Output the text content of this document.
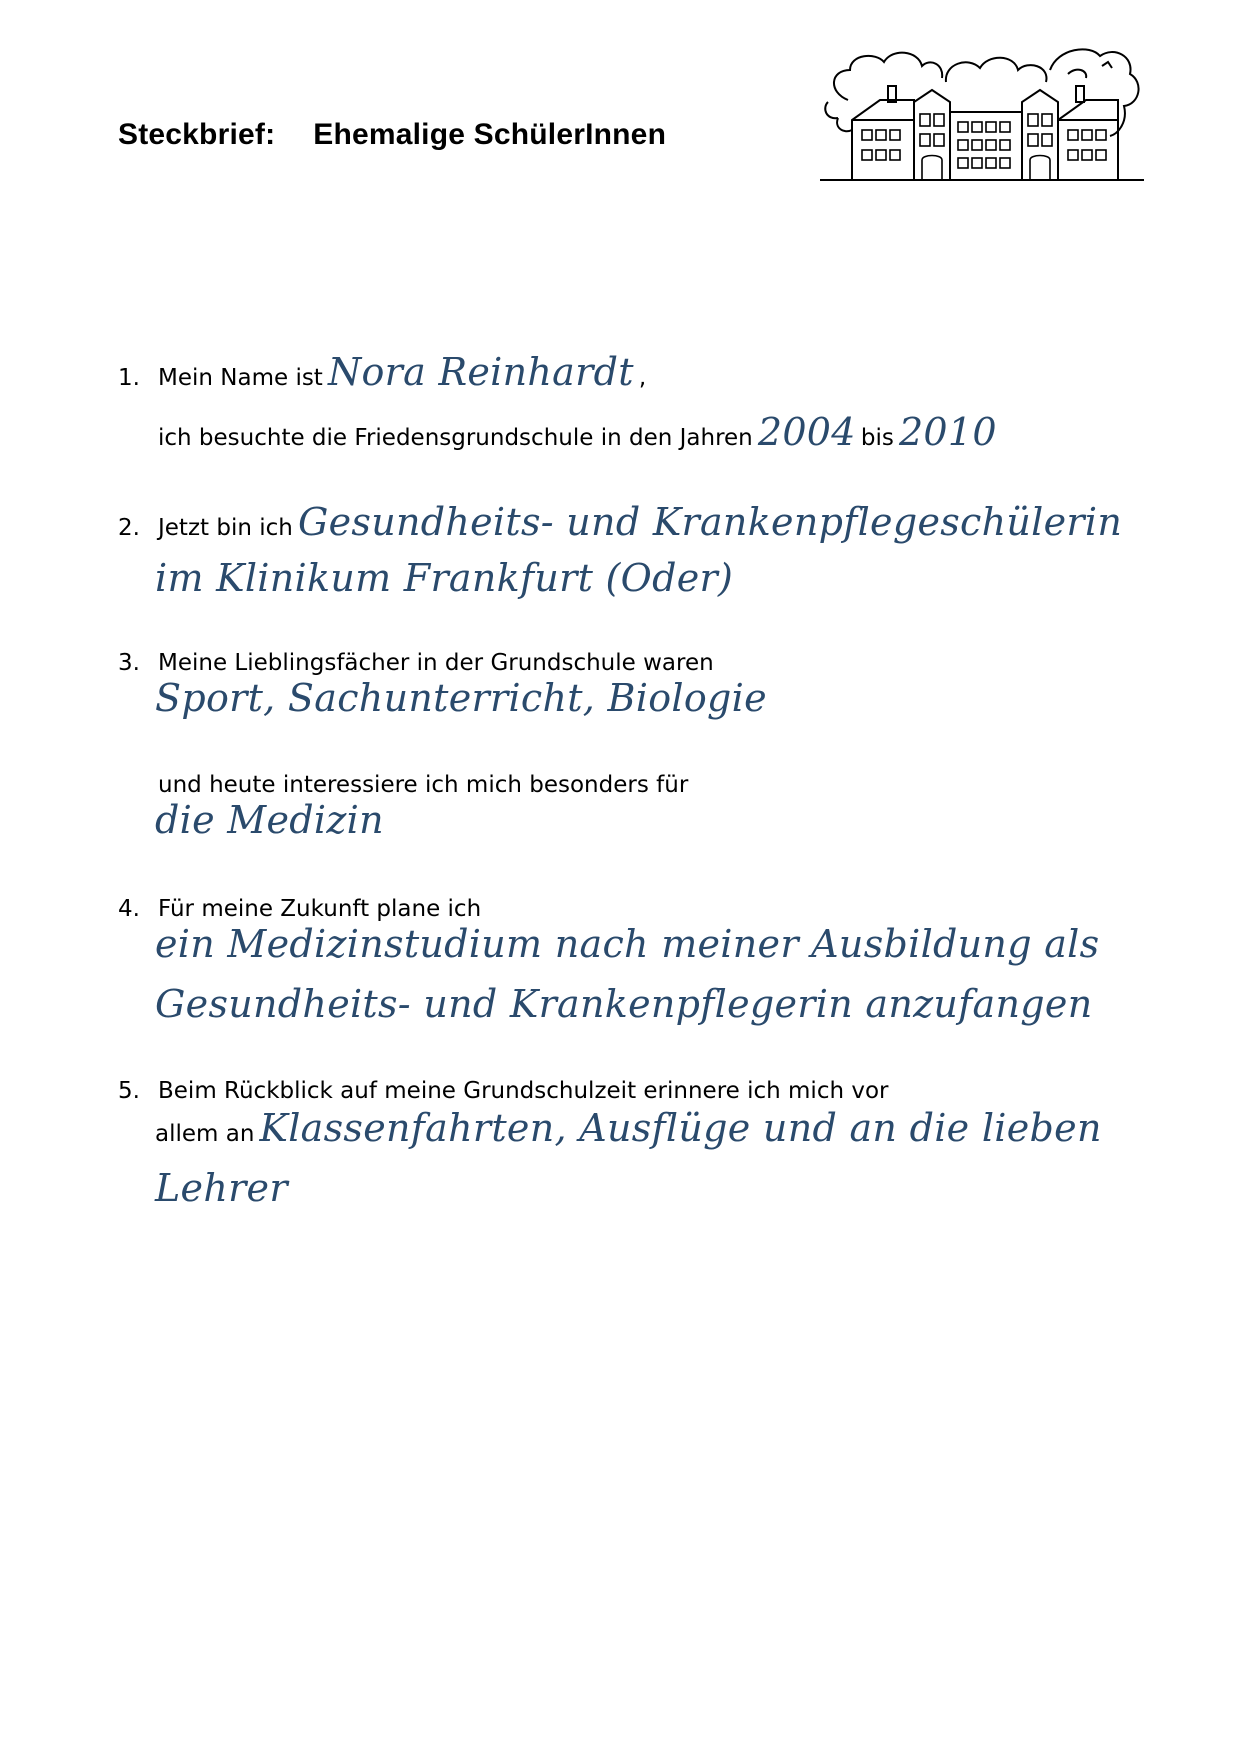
Steckbrief: Ehemalige SchülerInnen
1. Mein Name ist Nora Reinhardt ,
ich besuchte die Friedensgrundschule in den Jahren 2004 bis 2010
2. Jetzt bin ich Gesundheits- und Krankenpflegeschülerin
im Klinikum Frankfurt (Oder)
3. Meine Lieblingsfächer in der Grundschule waren
Sport, Sachunterricht, Biologie
und heute interessiere ich mich besonders für
die Medizin
4. Für meine Zukunft plane ich
ein Medizinstudium nach meiner Ausbildung als
Gesundheits- und Krankenpflegerin anzufangen
5. Beim Rückblick auf meine Grundschulzeit erinnere ich mich vor
allem an Klassenfahrten, Ausflüge und an die lieben
Lehrer
